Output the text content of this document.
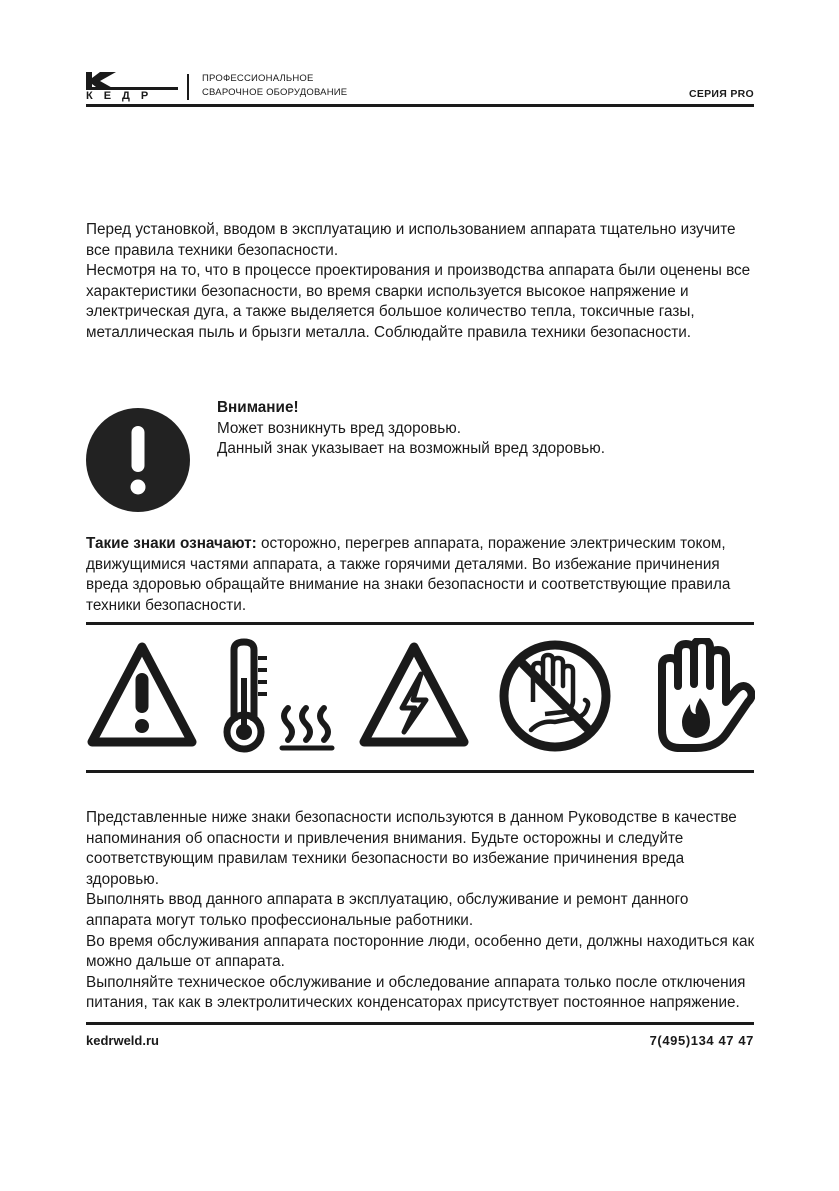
КЕДР
ПРОФЕССИОНАЛЬНОЕ
СВАРОЧНОЕ ОБОРУДОВАНИЕ	СЕРИЯ PRO

Перед установкой, вводом в эксплуатацию и использованием аппарата тщательно изучите все правила техники безопасности.

Несмотря на то, что в процессе проектирования и производства аппарата были оценены все характеристики безопасности, во время сварки используется высокое напряжение и электрическая дуга, а также выделяется большое количество тепла, токсичные газы, металлическая пыль и брызги металла. Соблюдайте правила техники безопасности.

Внимание!

Может возникнуть вред здоровью.

Данный знак указывает на возможный вред здоровью.

Такие знаки означают: осторожно, перегрев аппарата, поражение электрическим током, движущимися частями аппарата, а также горячими деталями. Во избежание причинения вреда здоровью обращайте внимание на знаки безопасности и соответствующие правила техники безопасности.

Представленные ниже знаки безопасности используются в данном Руководстве в качестве напоминания об опасности и привлечения внимания. Будьте осторожны и следуйте соответствующим правилам техники безопасности во избежание причинения вреда здоровью.

Выполнять ввод данного аппарата в эксплуатацию, обслуживание и ремонт данного аппарата могут только профессиональные работники.

Во время обслуживания аппарата посторонние люди, особенно дети, должны находиться как можно дальше от аппарата.

Выполняйте техническое обслуживание и обследование аппарата только после отключения питания, так как в электролитических конденсаторах присутствует постоянное напряжение.

kedrweld.ru	7(495)134 47 47
